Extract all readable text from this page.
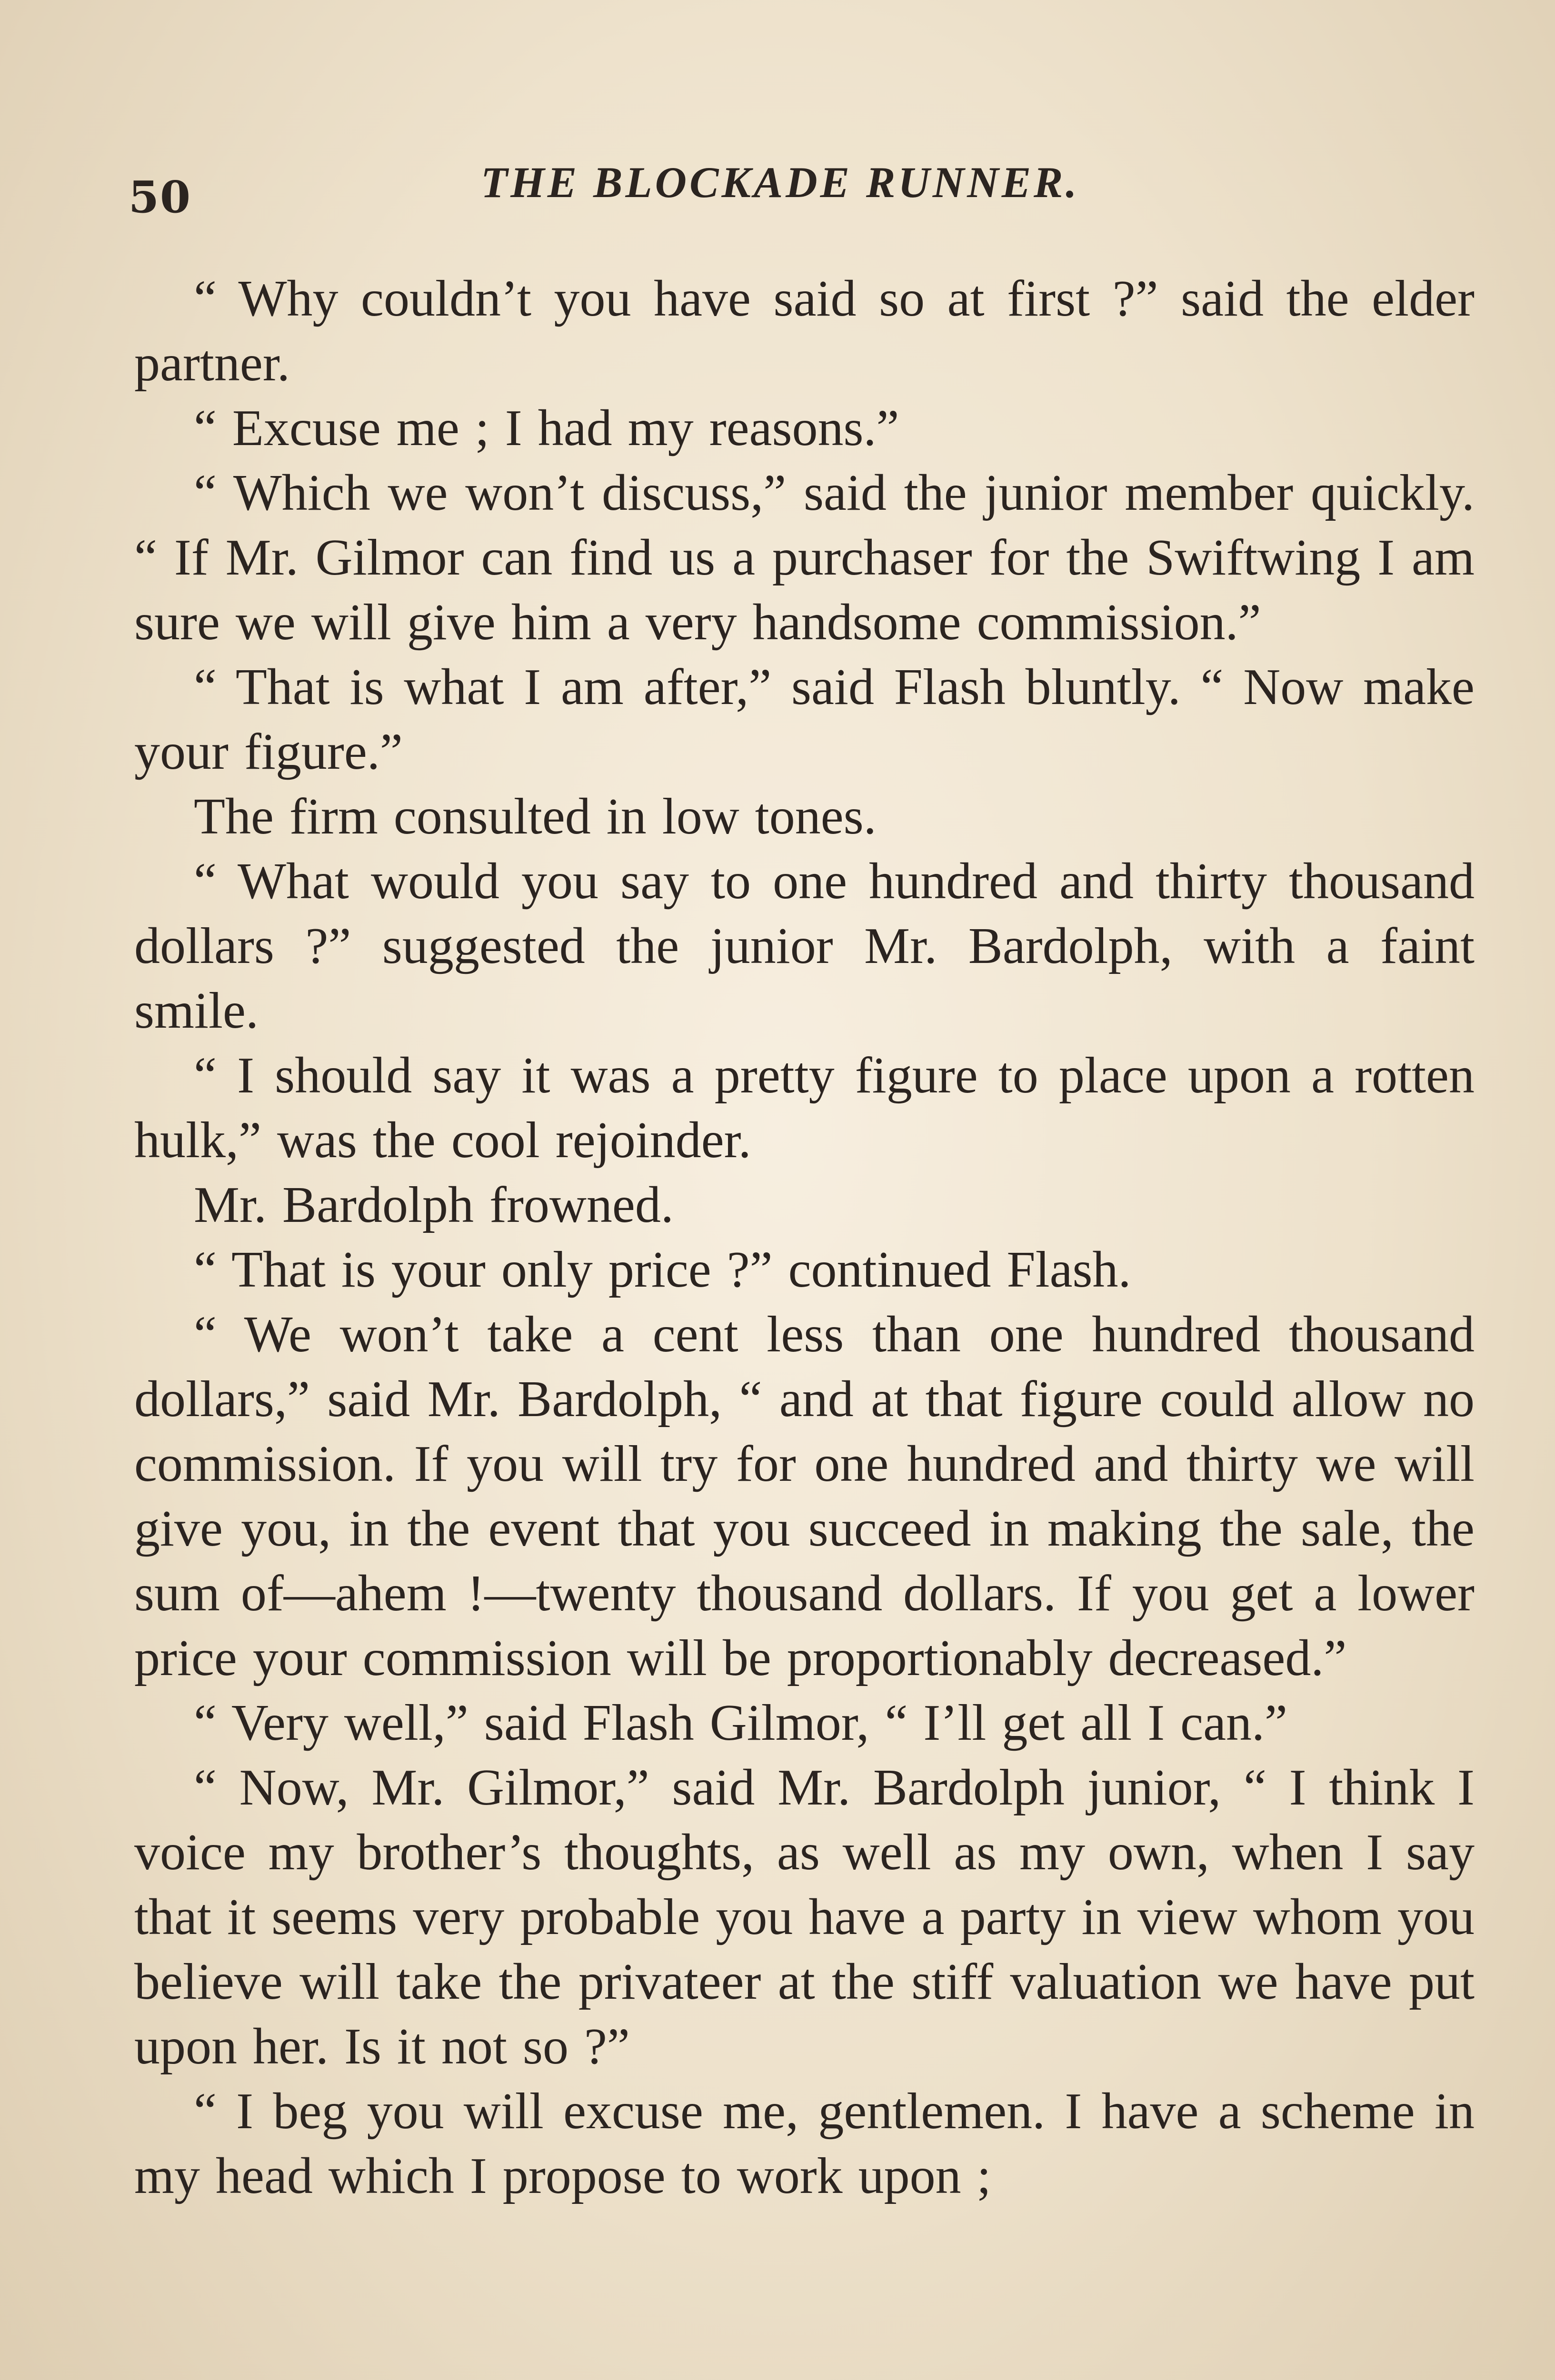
50	THE BLOCKADE RUNNER.

“ Why couldn’t you have said so at first ?” said the elder partner.

“ Excuse me ; I had my reasons.”

“ Which we won’t discuss,” said the junior member quickly. “ If Mr. Gilmor can find us a purchaser for the Swiftwing I am sure we will give him a very handsome commission.”

“ That is what I am after,” said Flash bluntly. “ Now make your figure.”

The firm consulted in low tones.

“ What would you say to one hundred and thirty thousand dollars ?” suggested the junior Mr. Bardolph, with a faint smile.

“ I should say it was a pretty figure to place upon a rotten hulk,” was the cool rejoinder.

Mr. Bardolph frowned.

“ That is your only price ?” continued Flash.

“ We won’t take a cent less than one hundred thousand dollars,” said Mr. Bardolph, “ and at that figure could allow no commission. If you will try for one hundred and thirty we will give you, in the event that you succeed in making the sale, the sum of—ahem !—twenty thousand dollars. If you get a lower price your commission will be proportionably decreased.”

“ Very well,” said Flash Gilmor, “ I’ll get all I can.”

“ Now, Mr. Gilmor,” said Mr. Bardolph junior, “ I think I voice my brother’s thoughts, as well as my own, when I say that it seems very probable you have a party in view whom you believe will take the privateer at the stiff valuation we have put upon her. Is it not so ?”

“ I beg you will excuse me, gentlemen. I have a scheme in my head which I propose to work upon ;
